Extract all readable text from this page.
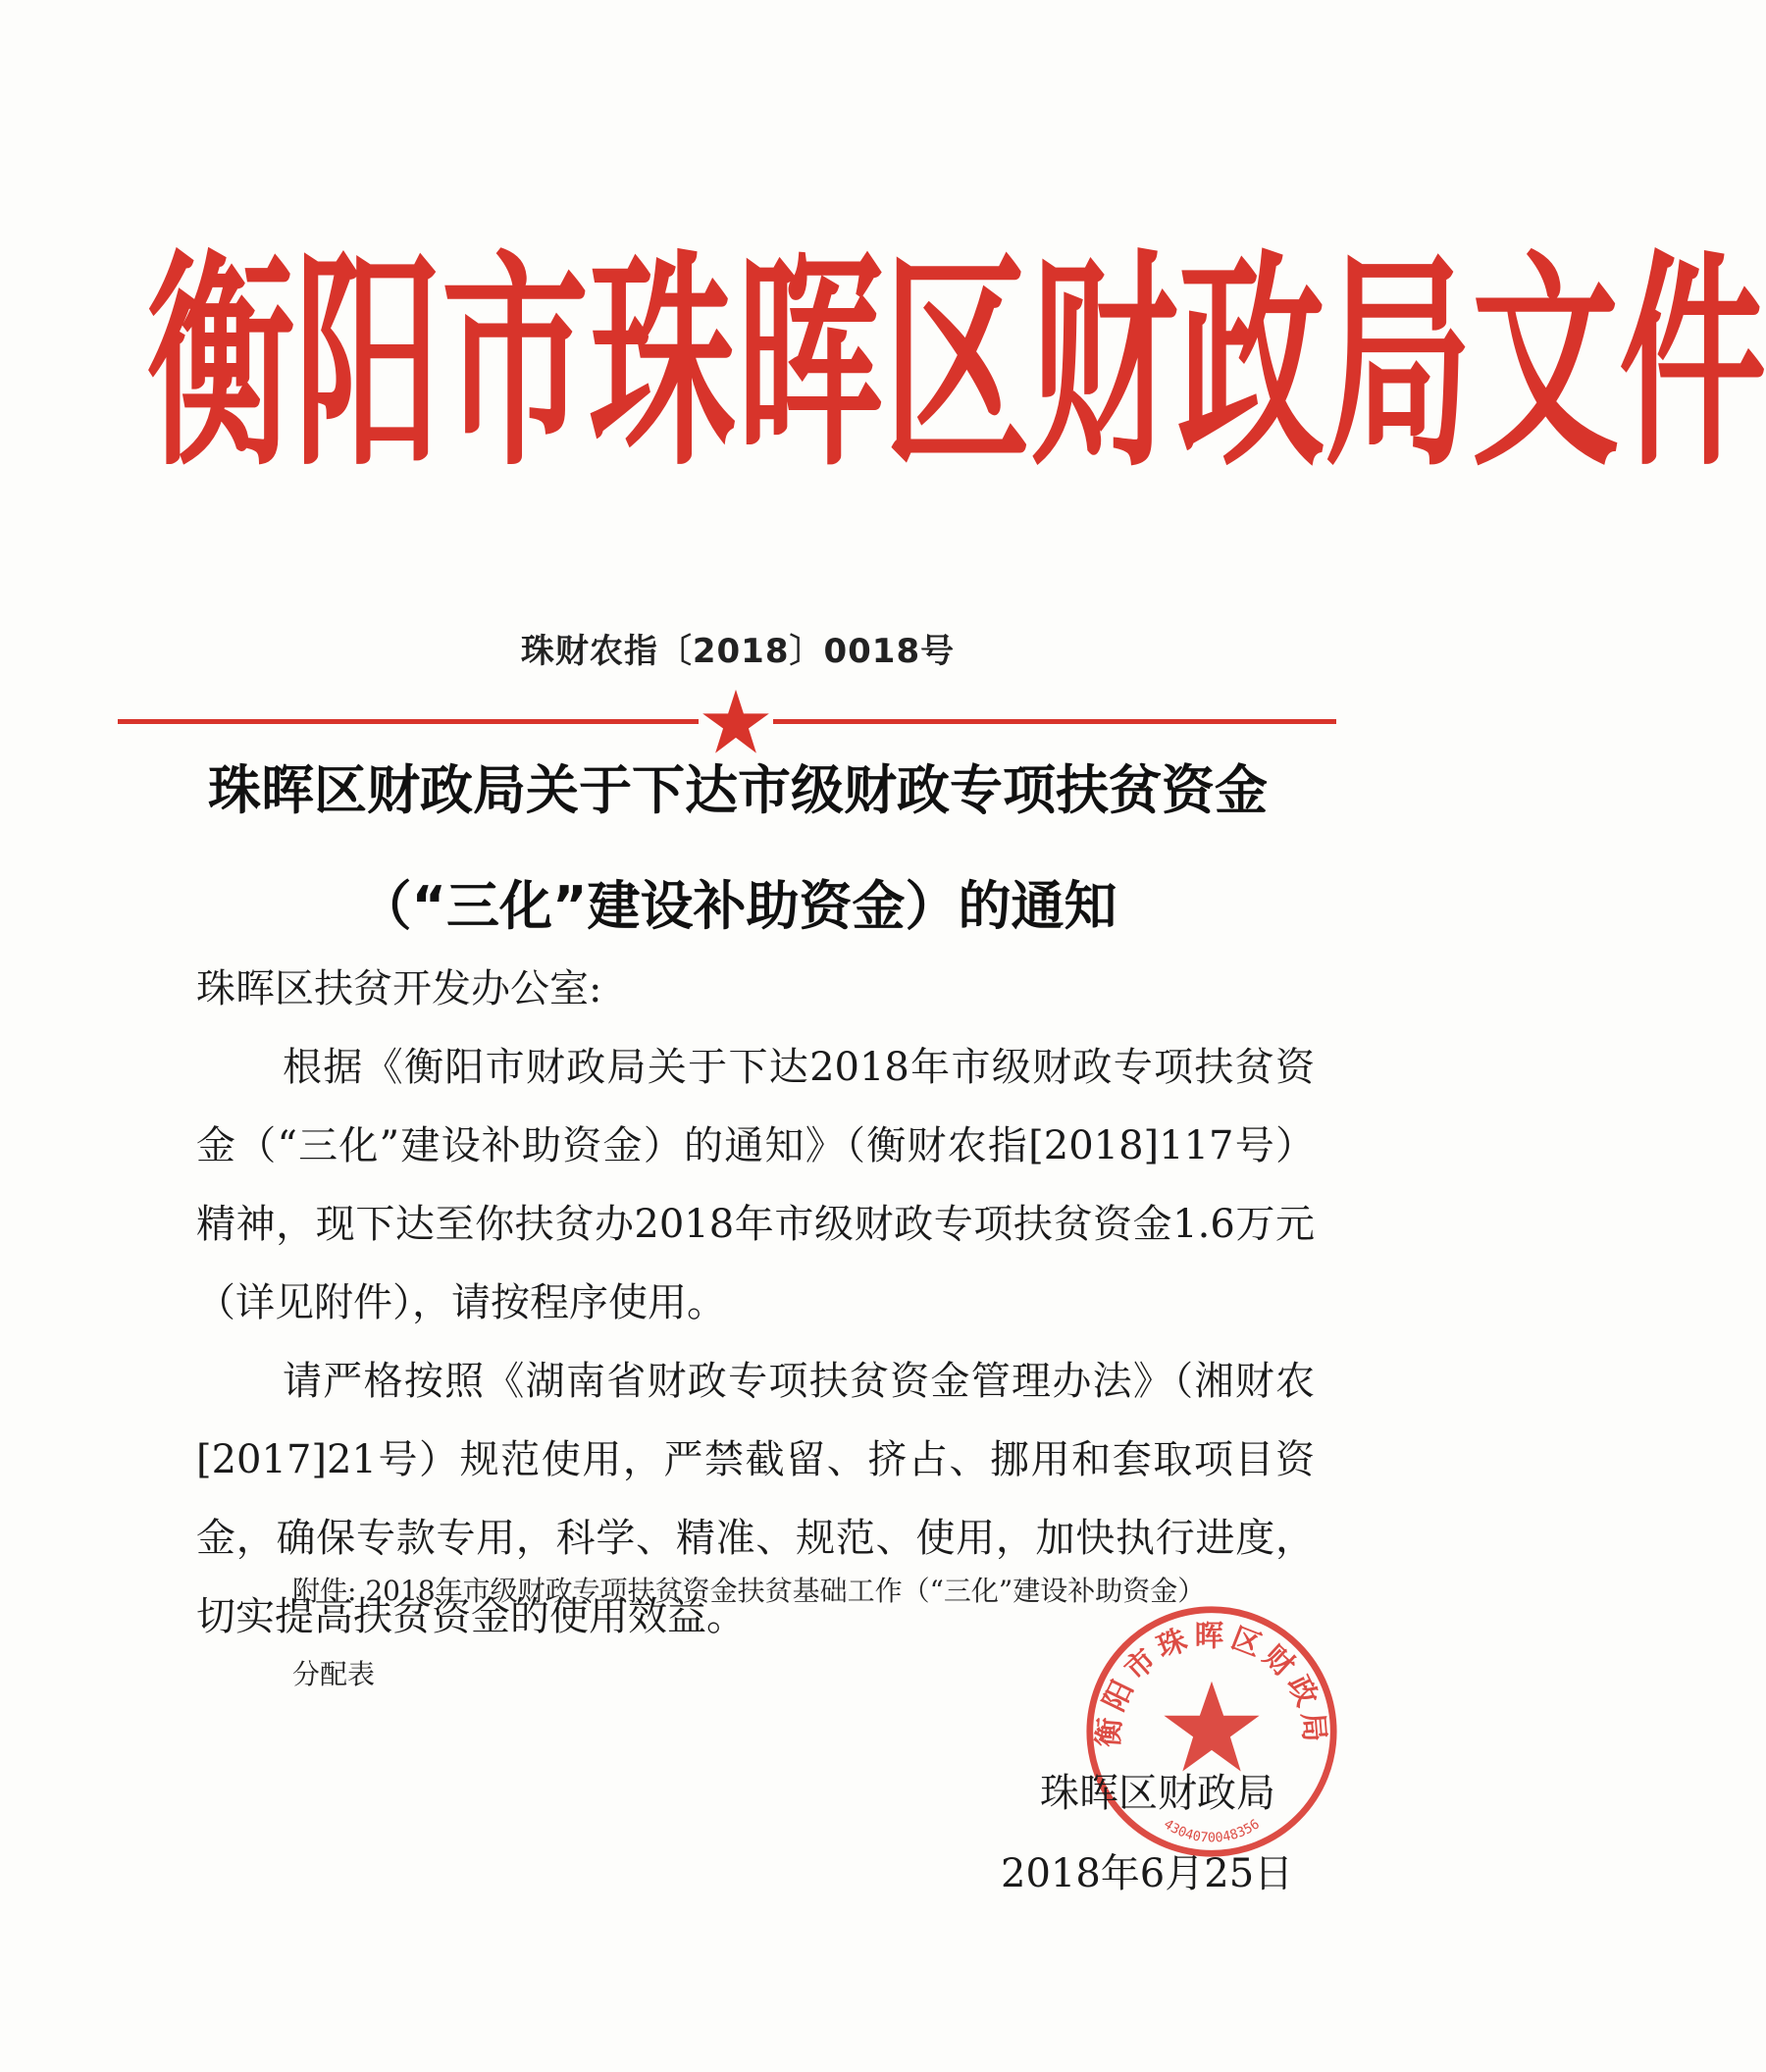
衡 阳 市 珠 晖 区 财 政 局 文 件
珠财农指〔2018〕0018号
珠晖区财政局关于下达市级财政专项扶贫资金
（“三化”建设补助资金）的通知
珠晖区扶贫开发办公室:
根据《衡阳市财政局关于下达2018年市级财政专项扶贫资金（“三化”建设补助资金）的通知》（衡财农指[2018]117号）精神，现下达至你扶贫办2018年市级财政专项扶贫资金1.6万元（详见附件），请按程序使用。
请严格按照《湖南省财政专项扶贫资金管理办法》（湘财农[2017]21号）规范使用，严禁截留、挤占、挪用和套取项目资金，确保专款专用，科学、精准、规范、使用，加快执行进度，切实提高扶贫资金的使用效益。
附件: 2018年市级财政专项扶贫资金扶贫基础工作（“三化”建设补助资金）
分配表
衡阳市珠晖区财政局
4304070048356
珠晖区财政局
2018年6月25日
